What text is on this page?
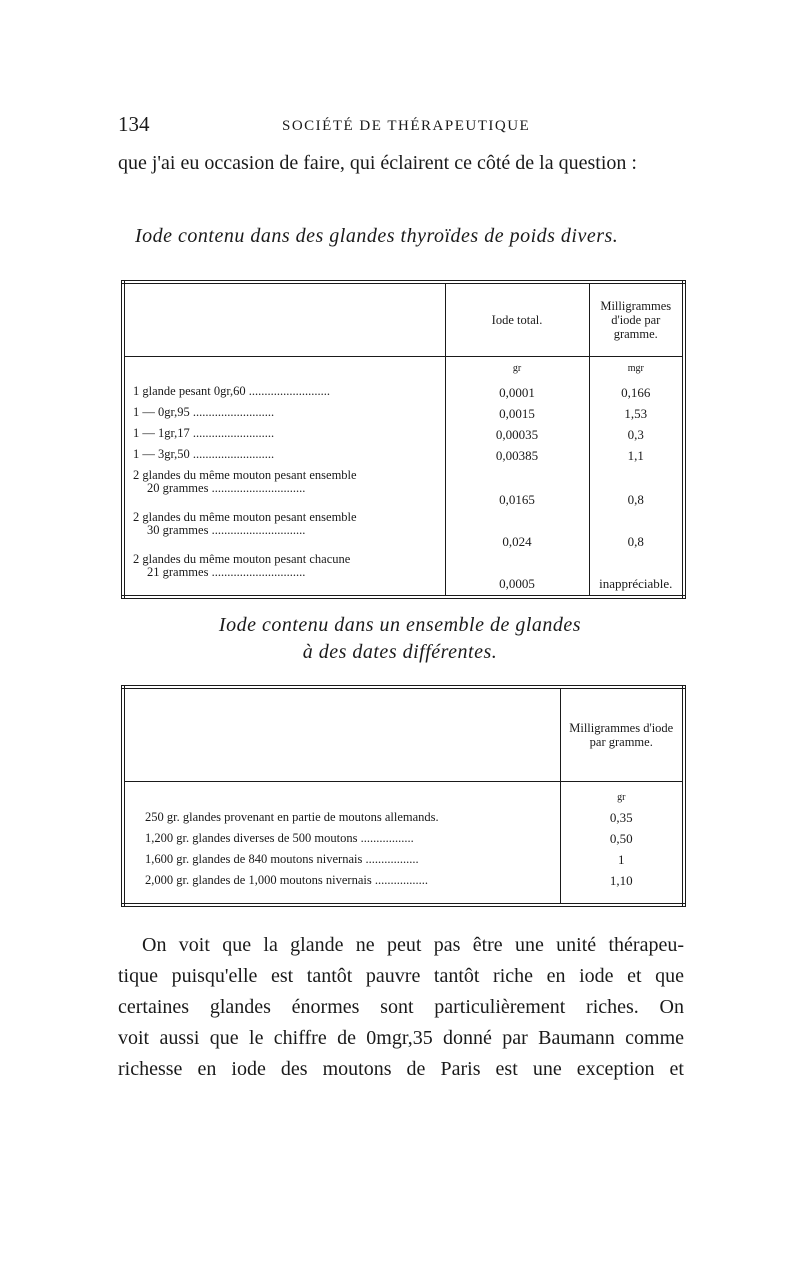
134	SOCIÉTÉ DE THÉRAPEUTIQUE
que j'ai eu occasion de faire, qui éclairent ce côté de la question :
Iode contenu dans des glandes thyroïdes de poids divers.
	Iode total.	Milligrammes d'iode par gramme.
	gr	mgr
1 glande pesant 0gr,60 ..........................	0,0001	0,166
1 — 0gr,95 ..........................	0,0015	1,53
1 — 1gr,17 ..........................	0,00035	0,3
1 — 3gr,50 ..........................	0,00385	1,1

2 glandes du même mouton pesant ensemble
20 grammes ..............................	0,0165	0,8

2 glandes du même mouton pesant ensemble
30 grammes ..............................	0,024	0,8

2 glandes du même mouton pesant chacune
21 grammes ..............................	0,0005	inappréciable.
Iode contenu dans un ensemble de glandes
à des dates différentes.
	Milligrammes d'iode par gramme.
	gr
250 gr. glandes provenant en partie de moutons allemands.	0,35
1,200 gr. glandes diverses de 500 moutons .................	0,50
1,600 gr. glandes de 840 moutons nivernais .................	1
2,000 gr. glandes de 1,000 moutons nivernais .................	1,10
On voit que la glande ne peut pas être une unité thérapeu-
tique puisqu'elle est tantôt pauvre tantôt riche en iode et que
certaines glandes énormes sont particulièrement riches. On
voit aussi que le chiffre de 0mgr,35 donné par Baumann comme
richesse en iode des moutons de Paris est une exception et
